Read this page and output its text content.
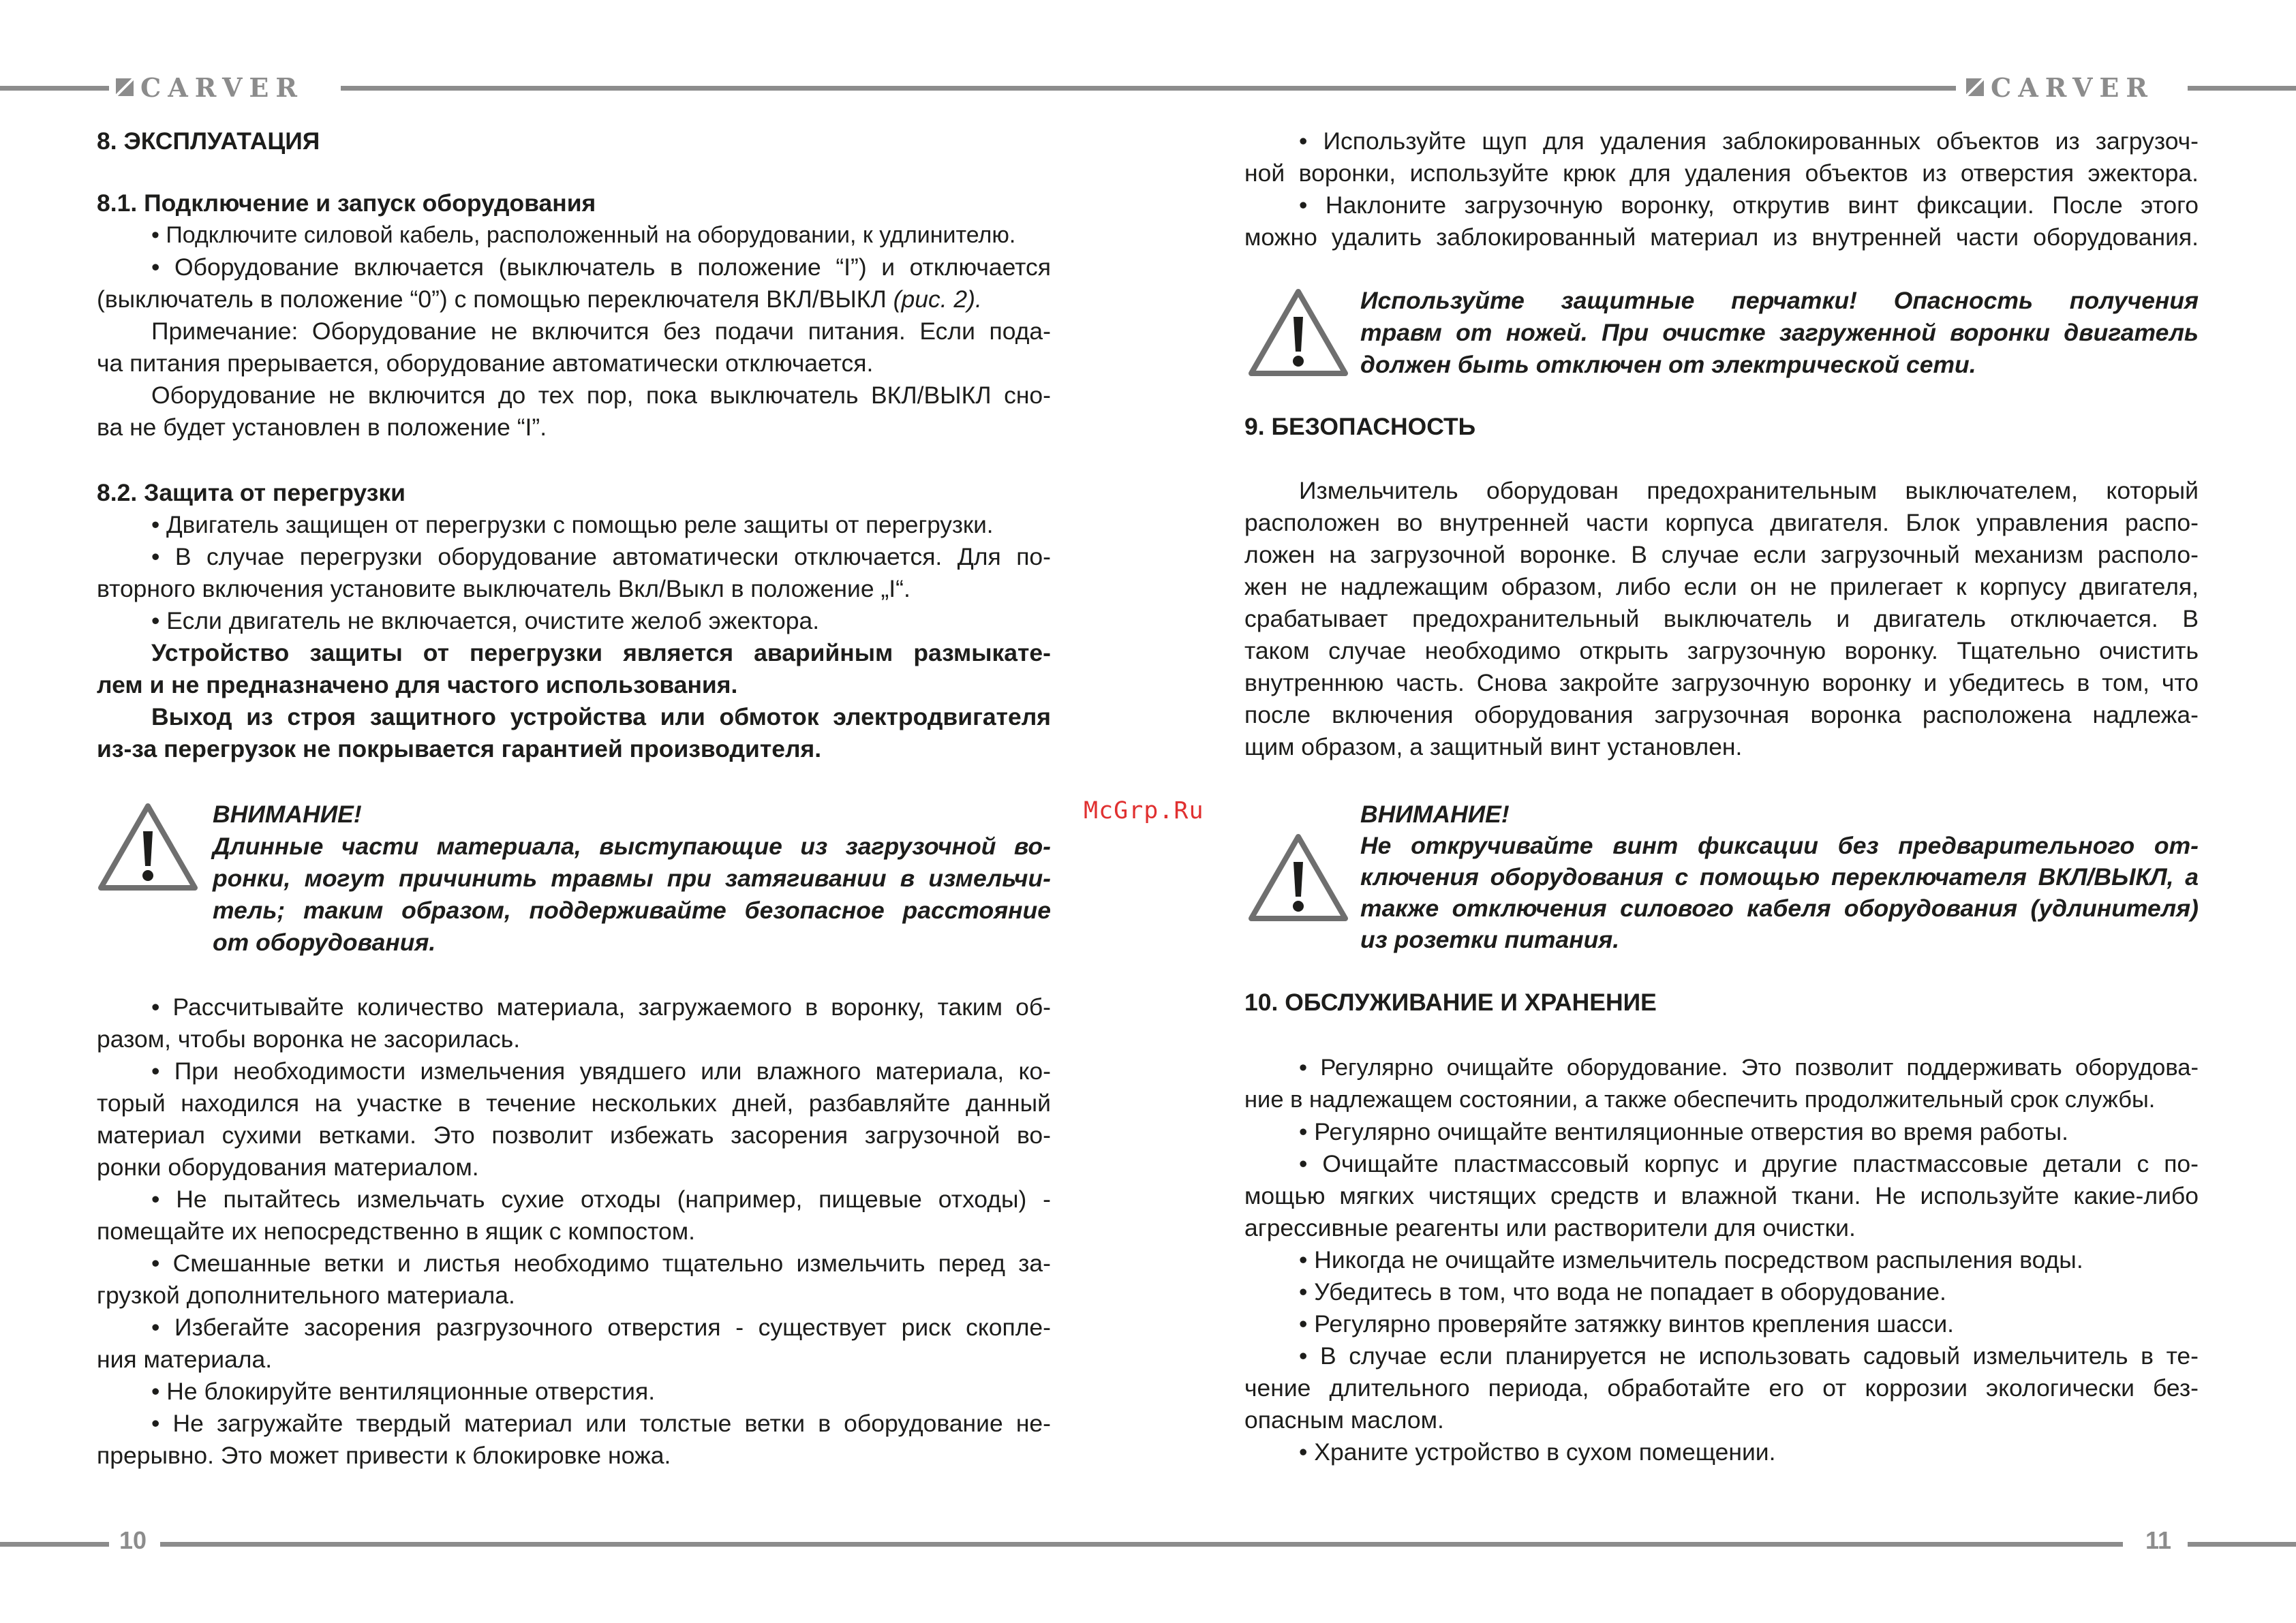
CARVER	CARVER
10	11
8. ЭКСПЛУАТАЦИЯ
8.1. Подключение и запуск оборудования
• Подключите силовой кабель, расположенный на оборудовании, к удлинителю.
• Оборудование включается (выключатель в положение “I”) и отключается
(выключатель в положение “0”) с помощью переключателя ВКЛ/ВЫКЛ (рис. 2).
Примечание: Оборудование не включится без подачи питания. Если пода-
ча питания прерывается, оборудование автоматически отключается.
Оборудование не включится до тех пор, пока выключатель ВКЛ/ВЫКЛ сно-
ва не будет установлен в положение “I”.
8.2. Защита от перегрузки
• Двигатель защищен от перегрузки с помощью реле защиты от перегрузки.
• В случае перегрузки оборудование автоматически отключается. Для по-
вторного включения установите выключатель Вкл/Выкл в положение „I“.
• Если двигатель не включается, очистите желоб эжектора.
Устройство защиты от перегрузки является аварийным размыкате-
лем и не предназначено для частого использования.
Выход из строя защитного устройства или обмоток электродвигателя
из-за перегрузок не покрывается гарантией производителя.
ВНИМАНИЕ!
Длинные части материала, выступающие из загрузочной во-
ронки, могут причинить травмы при затягивании в измельчи-
тель; таким образом, поддерживайте безопасное расстояние
от оборудования.
• Рассчитывайте количество материала, загружаемого в воронку, таким об-
разом, чтобы воронка не засорилась.
• При необходимости измельчения увядшего или влажного материала, ко-
торый находился на участке в течение нескольких дней, разбавляйте данный
материал сухими ветками. Это позволит избежать засорения загрузочной во-
ронки оборудования материалом.
• Не пытайтесь измельчать сухие отходы (например, пищевые отходы) -
помещайте их непосредственно в ящик с компостом.
• Смешанные ветки и листья необходимо тщательно измельчить перед за-
грузкой дополнительного материала.
• Избегайте засорения разгрузочного отверстия - существует риск скопле-
ния материала.
• Не блокируйте вентиляционные отверстия.
• Не загружайте твердый материал или толстые ветки в оборудование не-
прерывно. Это может привести к блокировке ножа.
McGrp.Ru
• Используйте щуп для удаления заблокированных объектов из загрузоч-
ной воронки, используйте крюк для удаления объектов из отверстия эжектора.
• Наклоните загрузочную воронку, открутив винт фиксации. После этого
можно удалить заблокированный материал из внутренней части оборудования.
Используйте защитные перчатки! Опасность получения
травм от ножей. При очистке загруженной воронки двигатель
должен быть отключен от электрической сети.
9. БЕЗОПАСНОСТЬ
Измельчитель оборудован предохранительным выключателем, который
расположен во внутренней части корпуса двигателя. Блок управления распо-
ложен на загрузочной воронке. В случае если загрузочный механизм располо-
жен не надлежащим образом, либо если он не прилегает к корпусу двигателя,
срабатывает предохранительный выключатель и двигатель отключается. В
таком случае необходимо открыть загрузочную воронку. Тщательно очистить
внутреннюю часть. Снова закройте загрузочную воронку и убедитесь в том, что
после включения оборудования загрузочная воронка расположена надлежа-
щим образом, а защитный винт установлен.
ВНИМАНИЕ!
Не откручивайте винт фиксации без предварительного от-
ключения оборудования с помощью переключателя ВКЛ/ВЫКЛ, а
также отключения силового кабеля оборудования (удлинителя)
из розетки питания.
10. ОБСЛУЖИВАНИЕ И ХРАНЕНИЕ
• Регулярно очищайте оборудование. Это позволит поддерживать оборудова-
ние в надлежащем состоянии, а также обеспечить продолжительный срок службы.
• Регулярно очищайте вентиляционные отверстия во время работы.
• Очищайте пластмассовый корпус и другие пластмассовые детали с по-
мощью мягких чистящих средств и влажной ткани. Не используйте какие-либо
агрессивные реагенты или растворители для очистки.
• Никогда не очищайте измельчитель посредством распыления воды.
• Убедитесь в том, что вода не попадает в оборудование.
• Регулярно проверяйте затяжку винтов крепления шасси.
• В случае если планируется не использовать садовый измельчитель в те-
чение длительного периода, обработайте его от коррозии экологически без-
опасным маслом.
• Храните устройство в сухом помещении.
